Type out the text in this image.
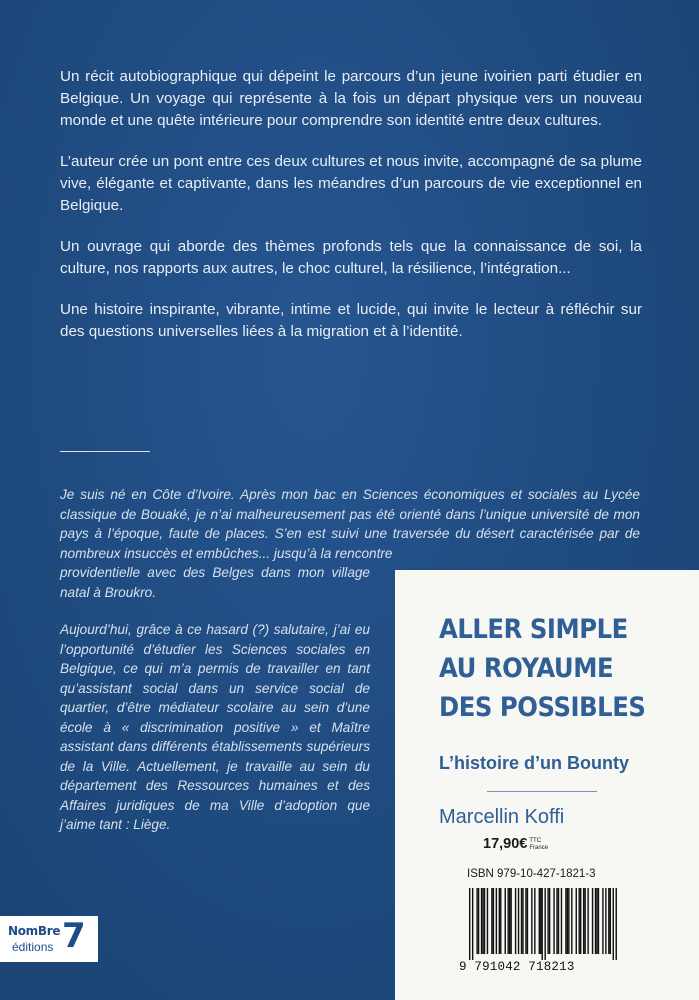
Un récit autobiographique qui dépeint le parcours d’un jeune ivoirien parti étudier en Belgique. Un voyage qui représente à la fois un départ physique vers un nouveau monde et une quête intérieure pour comprendre son identité entre deux cultures.

L’auteur crée un pont entre ces deux cultures et nous invite, accompagné de sa plume vive, élégante et captivante, dans les méandres d’un parcours de vie exceptionnel en Belgique.

Un ouvrage qui aborde des thèmes profonds tels que la connaissance de soi, la culture, nos rapports aux autres, le choc culturel, la résilience, l’intégration...

Une histoire inspirante, vibrante, intime et lucide, qui invite le lecteur à réfléchir sur des questions universelles liées à la migration et à l’identité.

Je suis né en Côte d’Ivoire. Après mon bac en Sciences économiques et sociales au Lycée classique de Bouaké, je n’ai malheureusement pas été orienté dans l’unique université de mon pays à l’époque, faute de places. S’en est suivi une traversée du désert caractérisée par de nombreux insuccès et embûches... jusqu’à la rencontre

providentielle avec des Belges dans mon village natal à Broukro.

Aujourd’hui, grâce à ce hasard (?) salutaire, j’ai eu l’opportunité d’étudier les Sciences sociales en Belgique, ce qui m’a permis de travailler en tant qu’assistant social dans un service social de quartier, d’être médiateur scolaire au sein d’une école à « discrimination positive » et Maître assistant dans différents établissements supérieurs de la Ville. Actuellement, je travaille au sein du département des Ressources humaines et des Affaires juridiques de ma Ville d’adoption que j’aime tant : Liège.

ALLER SIMPLE
AU ROYAUME
DES POSSIBLES
L’histoire d’un Bounty
Marcellin Koffi
17,90€ TTC
France
ISBN 979-10-427-1821-3
9 791042 718213
NomBre 7
éditions
